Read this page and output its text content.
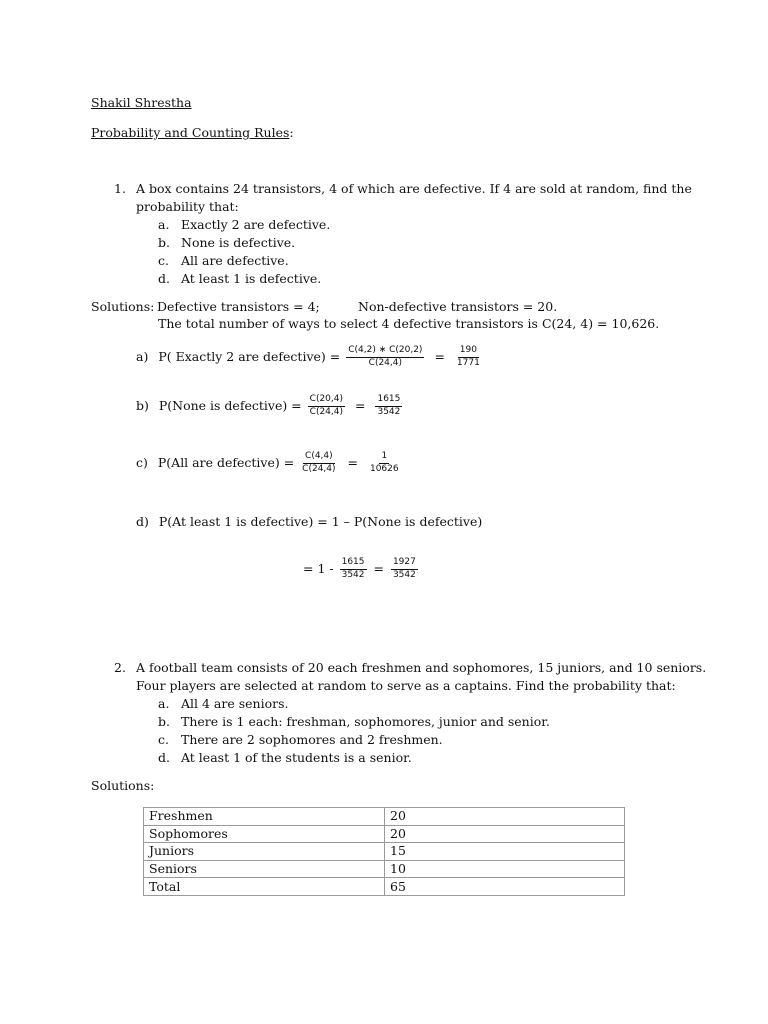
Shakil Shrestha
Probability and Counting Rules:
1. A box contains 24 transistors, 4 of which are defective. If 4 are sold at random, find the
probability that:
a. Exactly 2 are defective.
b. None is defective.
c. All are defective.
d. At least 1 is defective.
Solutions: Defective transistors = 4;	Non-defective transistors = 20.
The total number of ways to select 4 defective transistors is C(24, 4) = 10,626.
a) P( Exactly 2 are defective) = $\frac{C(4,2) ∗ C(20,2)}{C(24,4)} = \frac{190}{1771}$
b) P(None is defective) = $\frac{C(20,4)}{C(24,4)} = \frac{1615}{3542}$
c) P(All are defective) = $\frac{C(4,4)}{C(24,4)} = \frac{1}{10626}$
d) P(At least 1 is defective) = 1 – P(None is defective)
= $1 - \frac{1615}{3542} = \frac{1927}{3542}$
2. A football team consists of 20 each freshmen and sophomores, 15 juniors, and 10 seniors.
Four players are selected at random to serve as a captains. Find the probability that:
a. All 4 are seniors.
b. There is 1 each: freshman, sophomores, junior and senior.
c. There are 2 sophomores and 2 freshmen.
d. At least 1 of the students is a senior.
Solutions:
Freshmen	20
Sophomores	20
Juniors	15
Seniors	10
Total	65
